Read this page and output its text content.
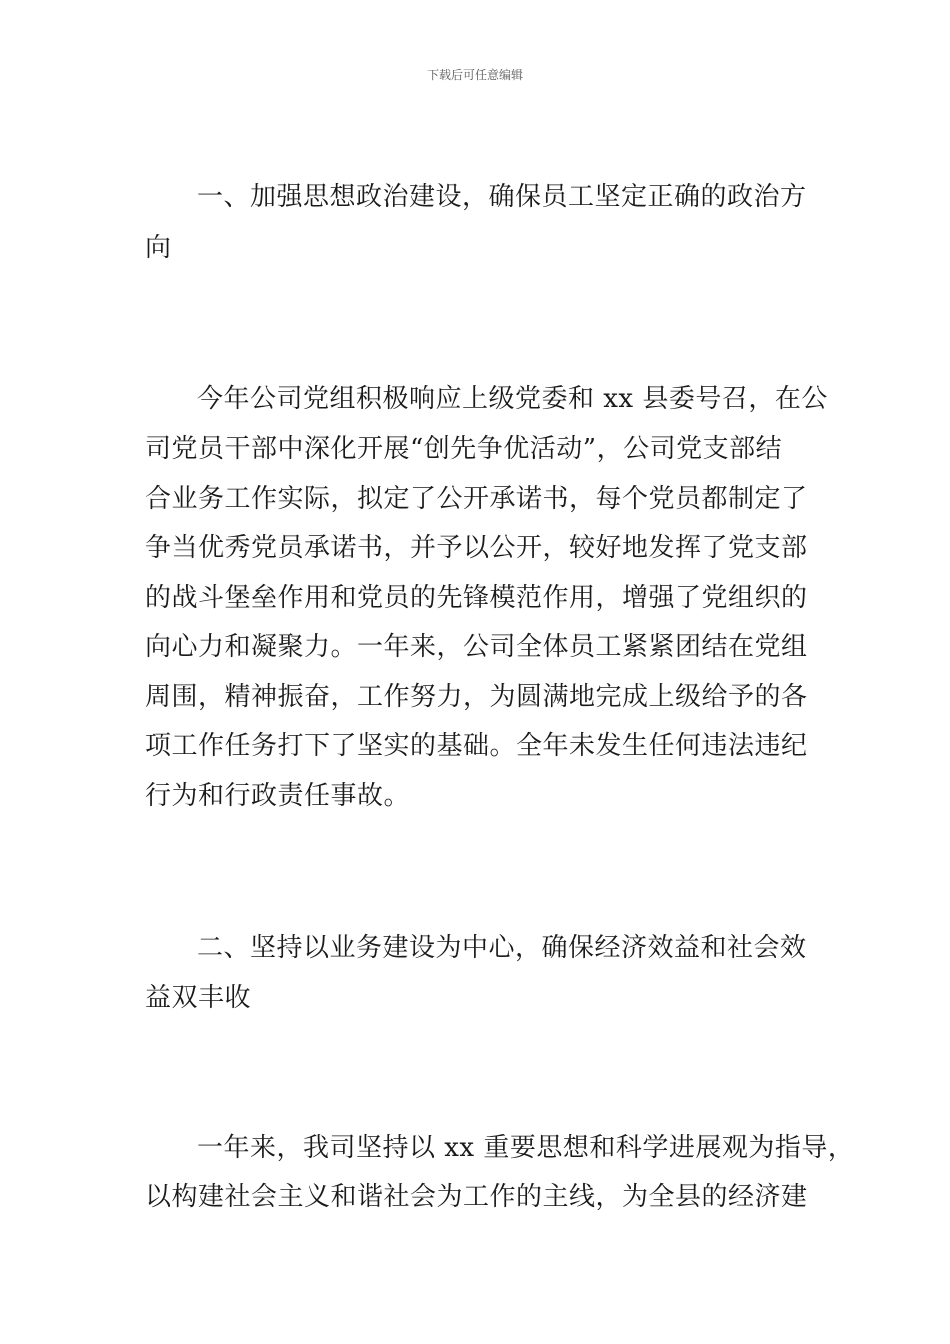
下载后可任意编辑

一、加强思想政治建设，确保员工坚定正确的政治方

向

今年公司党组积极响应上级党委和 xx 县委号召，在公

司党员干部中深化开展“创先争优活动”，公司党支部结

合业务工作实际，拟定了公开承诺书，每个党员都制定了

争当优秀党员承诺书，并予以公开，较好地发挥了党支部

的战斗堡垒作用和党员的先锋模范作用，增强了党组织的

向心力和凝聚力。一年来，公司全体员工紧紧团结在党组

周围，精神振奋，工作努力，为圆满地完成上级给予的各

项工作任务打下了坚实的基础。全年未发生任何违法违纪

行为和行政责任事故。

二、坚持以业务建设为中心，确保经济效益和社会效

益双丰收

一年来，我司坚持以 xx 重要思想和科学进展观为指导，

以构建社会主义和谐社会为工作的主线，为全县的经济建
